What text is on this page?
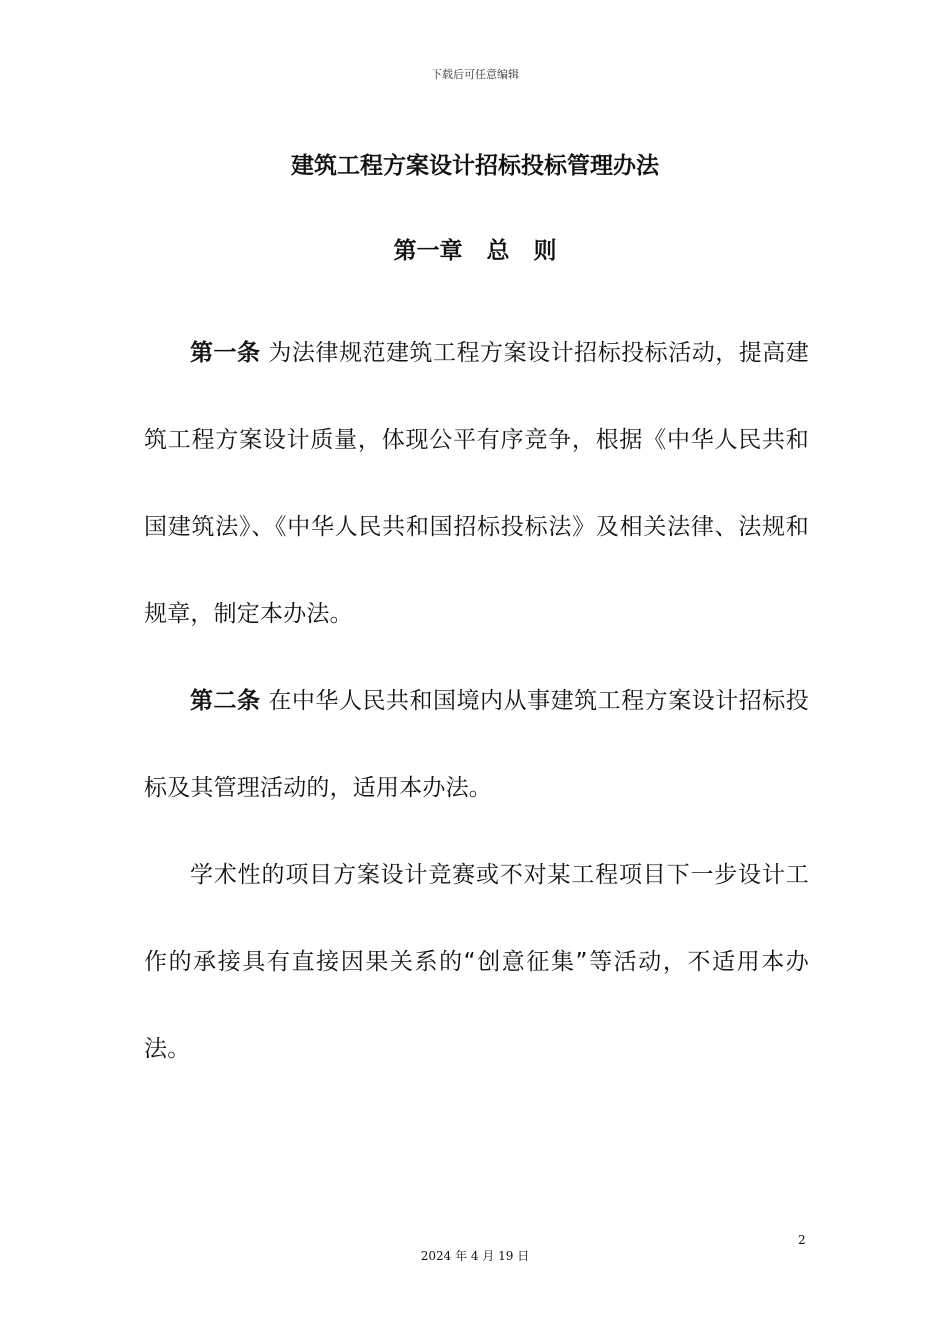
下载后可任意编辑
建筑工程方案设计招标投标管理办法
第一章   总   则

第一条 为法律规范建筑工程方案设计招标投标活动，提高建筑工程方案设计质量，体现公平有序竞争，根据《中华人民共和国建筑法》、《中华人民共和国招标投标法》及相关法律、法规和规章，制定本办法。

第二条 在中华人民共和国境内从事建筑工程方案设计招标投标及其管理活动的，适用本办法。

学术性的项目方案设计竞赛或不对某工程项目下一步设计工作的承接具有直接因果关系的“创意征集”等活动，不适用本办法。

2
2024 年 4 月 19 日
